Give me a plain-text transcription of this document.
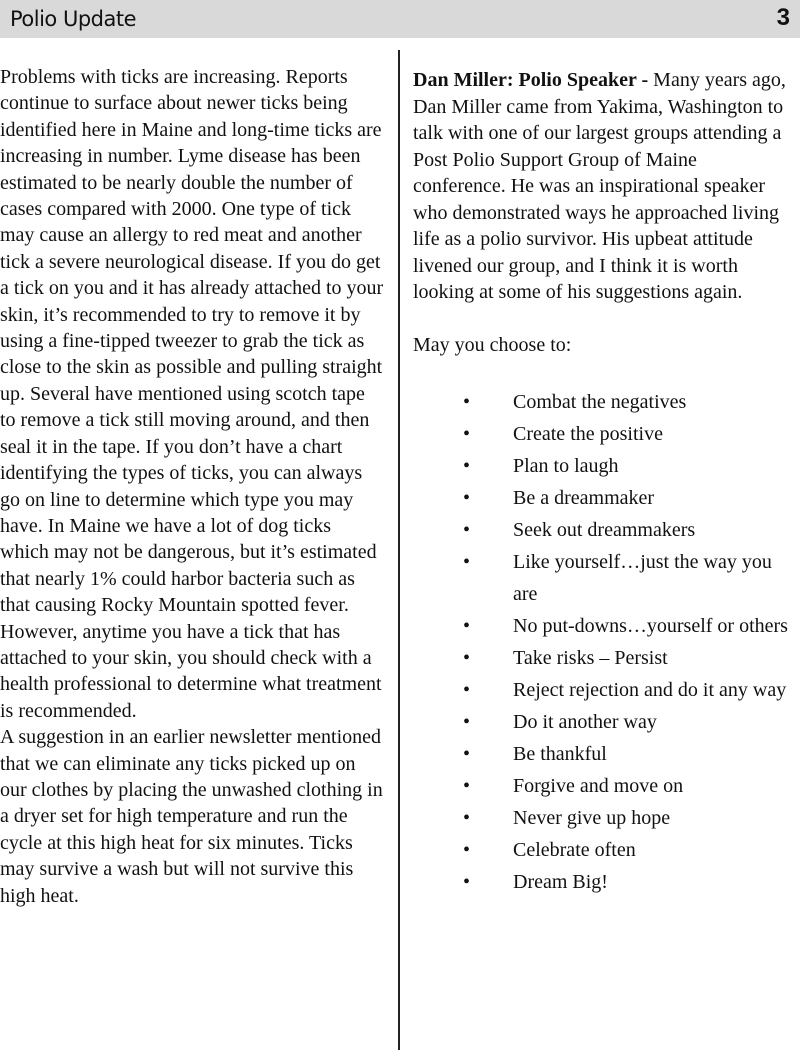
Polio Update	3

Problems with ticks are increasing. Reports continue to surface about newer ticks being identified here in Maine and long-time ticks are increasing in number. Lyme disease has been estimated to be nearly double the number of cases compared with 2000. One type of tick may cause an allergy to red meat and another tick a severe neurological disease. If you do get a tick on you and it has already attached to your skin, it’s recommended to try to remove it by using a fine-tipped tweezer to grab the tick as close to the skin as possible and pulling straight up. Several have mentioned using scotch tape to remove a tick still moving around, and then seal it in the tape. If you don’t have a chart identifying the types of ticks, you can always go on line to determine which type you may have. In Maine we have a lot of dog ticks which may not be dangerous, but it’s estimated that nearly 1% could harbor bacteria such as that causing Rocky Mountain spotted fever. However, anytime you have a tick that has attached to your skin, you should check with a health professional to determine what treatment is recommended.

A suggestion in an earlier newsletter mentioned that we can eliminate any ticks picked up on our clothes by placing the unwashed clothing in a dryer set for high temperature and run the cycle at this high heat for six minutes. Ticks may survive a wash but will not survive this high heat.

Dan Miller: Polio Speaker - Many years ago, Dan Miller came from Yakima, Washington to talk with one of our largest groups attending a Post Polio Support Group of Maine conference. He was an inspirational speaker who demonstrated ways he approached living life as a polio survivor. His upbeat attitude livened our group, and I think it is worth looking at some of his suggestions again.

May you choose to:

• Combat the negatives
• Create the positive
• Plan to laugh
• Be a dreammaker
• Seek out dreammakers
• Like yourself…just the way you are
• No put-downs…yourself or others
• Take risks – Persist
• Reject rejection and do it any way
• Do it another way
• Be thankful
• Forgive and move on
• Never give up hope
• Celebrate often
• Dream Big!
